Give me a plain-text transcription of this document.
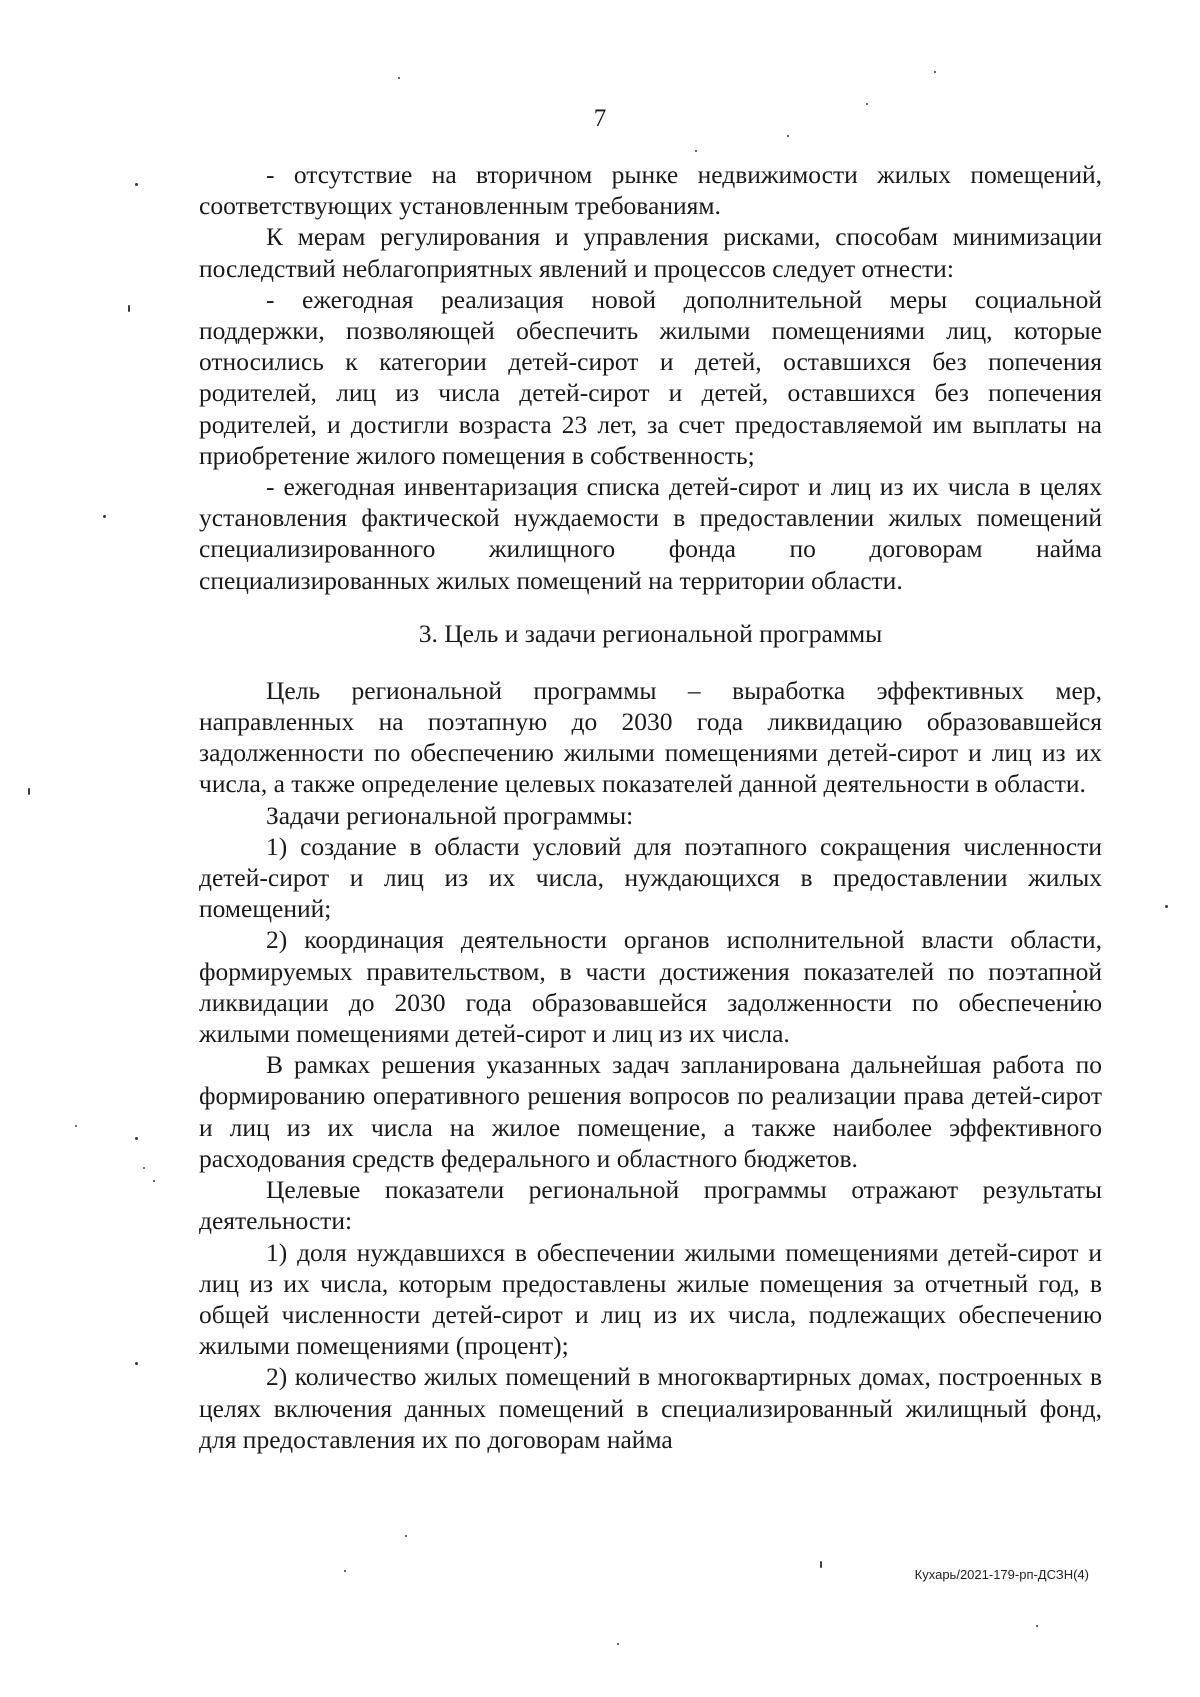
7

- отсутствие на вторичном рынке недвижимости жилых помещений, соответствующих установленным требованиям.

К мерам регулирования и управления рисками, способам минимизации последствий неблагоприятных явлений и процессов следует отнести:

- ежегодная реализация новой дополнительной меры социальной поддержки, позволяющей обеспечить жилыми помещениями лиц, которые относились к категории детей-сирот и детей, оставшихся без попечения родителей, лиц из числа детей-сирот и детей, оставшихся без попечения родителей, и достигли возраста 23 лет, за счет предоставляемой им выплаты на приобретение жилого помещения в собственность;

- ежегодная инвентаризация списка детей-сирот и лиц из их числа в целях установления фактической нуждаемости в предоставлении жилых помещений специализированного жилищного фонда по договорам найма специализированных жилых помещений на территории области.

3. Цель и задачи региональной программы

Цель региональной программы – выработка эффективных мер, направленных на поэтапную до 2030 года ликвидацию образовавшейся задолженности по обеспечению жилыми помещениями детей-сирот и лиц из их числа, а также определение целевых показателей данной деятельности в области.

Задачи региональной программы:

1) создание в области условий для поэтапного сокращения численности детей-сирот и лиц из их числа, нуждающихся в предоставлении жилых помещений;

2) координация деятельности органов исполнительной власти области, формируемых правительством, в части достижения показателей по поэтапной ликвидации до 2030 года образовавшейся задолженности по обеспечению жилыми помещениями детей-сирот и лиц из их числа.

В рамках решения указанных задач запланирована дальнейшая работа по формированию оперативного решения вопросов по реализации права детей-сирот и лиц из их числа на жилое помещение, а также наиболее эффективного расходования средств федерального и областного бюджетов.

Целевые показатели региональной программы отражают результаты деятельности:

1) доля нуждавшихся в обеспечении жилыми помещениями детей-сирот и лиц из их числа, которым предоставлены жилые помещения за отчетный год, в общей численности детей-сирот и лиц из их числа, подлежащих обеспечению жилыми помещениями (процент);

2) количество жилых помещений в многоквартирных домах, построенных в целях включения данных помещений в специализированный жилищный фонд, для предоставления их по договорам найма

Кухарь/2021-179-рп-ДСЗН(4)
